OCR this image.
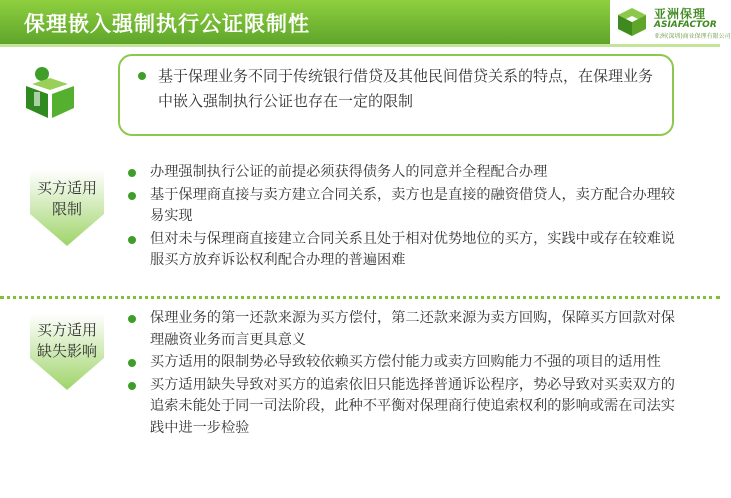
保理嵌入强制执行公证限制性	亚洲保理
ASIAFACTOR
亚洲(深圳)商业保理有限公司
基于保理业务不同于传统银行借贷及其他民间借贷关系的特点，在保理业务中嵌入强制执行公证也存在一定的限制
买方适用
限制
办理强制执行公证的前提必须获得债务人的同意并全程配合办理
基于保理商直接与卖方建立合同关系，卖方也是直接的融资借贷人，卖方配合办理较易实现
但对未与保理商直接建立合同关系且处于相对优势地位的买方，实践中或存在较难说服买方放弃诉讼权利配合办理的普遍困难
买方适用
缺失影响
保理业务的第一还款来源为买方偿付，第二还款来源为卖方回购，保障买方回款对保理融资业务而言更具意义
买方适用的限制势必导致较依赖买方偿付能力或卖方回购能力不强的项目的适用性
买方适用缺失导致对买方的追索依旧只能选择普通诉讼程序，势必导致对买卖双方的追索未能处于同一司法阶段，此种不平衡对保理商行使追索权利的影响或需在司法实践中进一步检验
